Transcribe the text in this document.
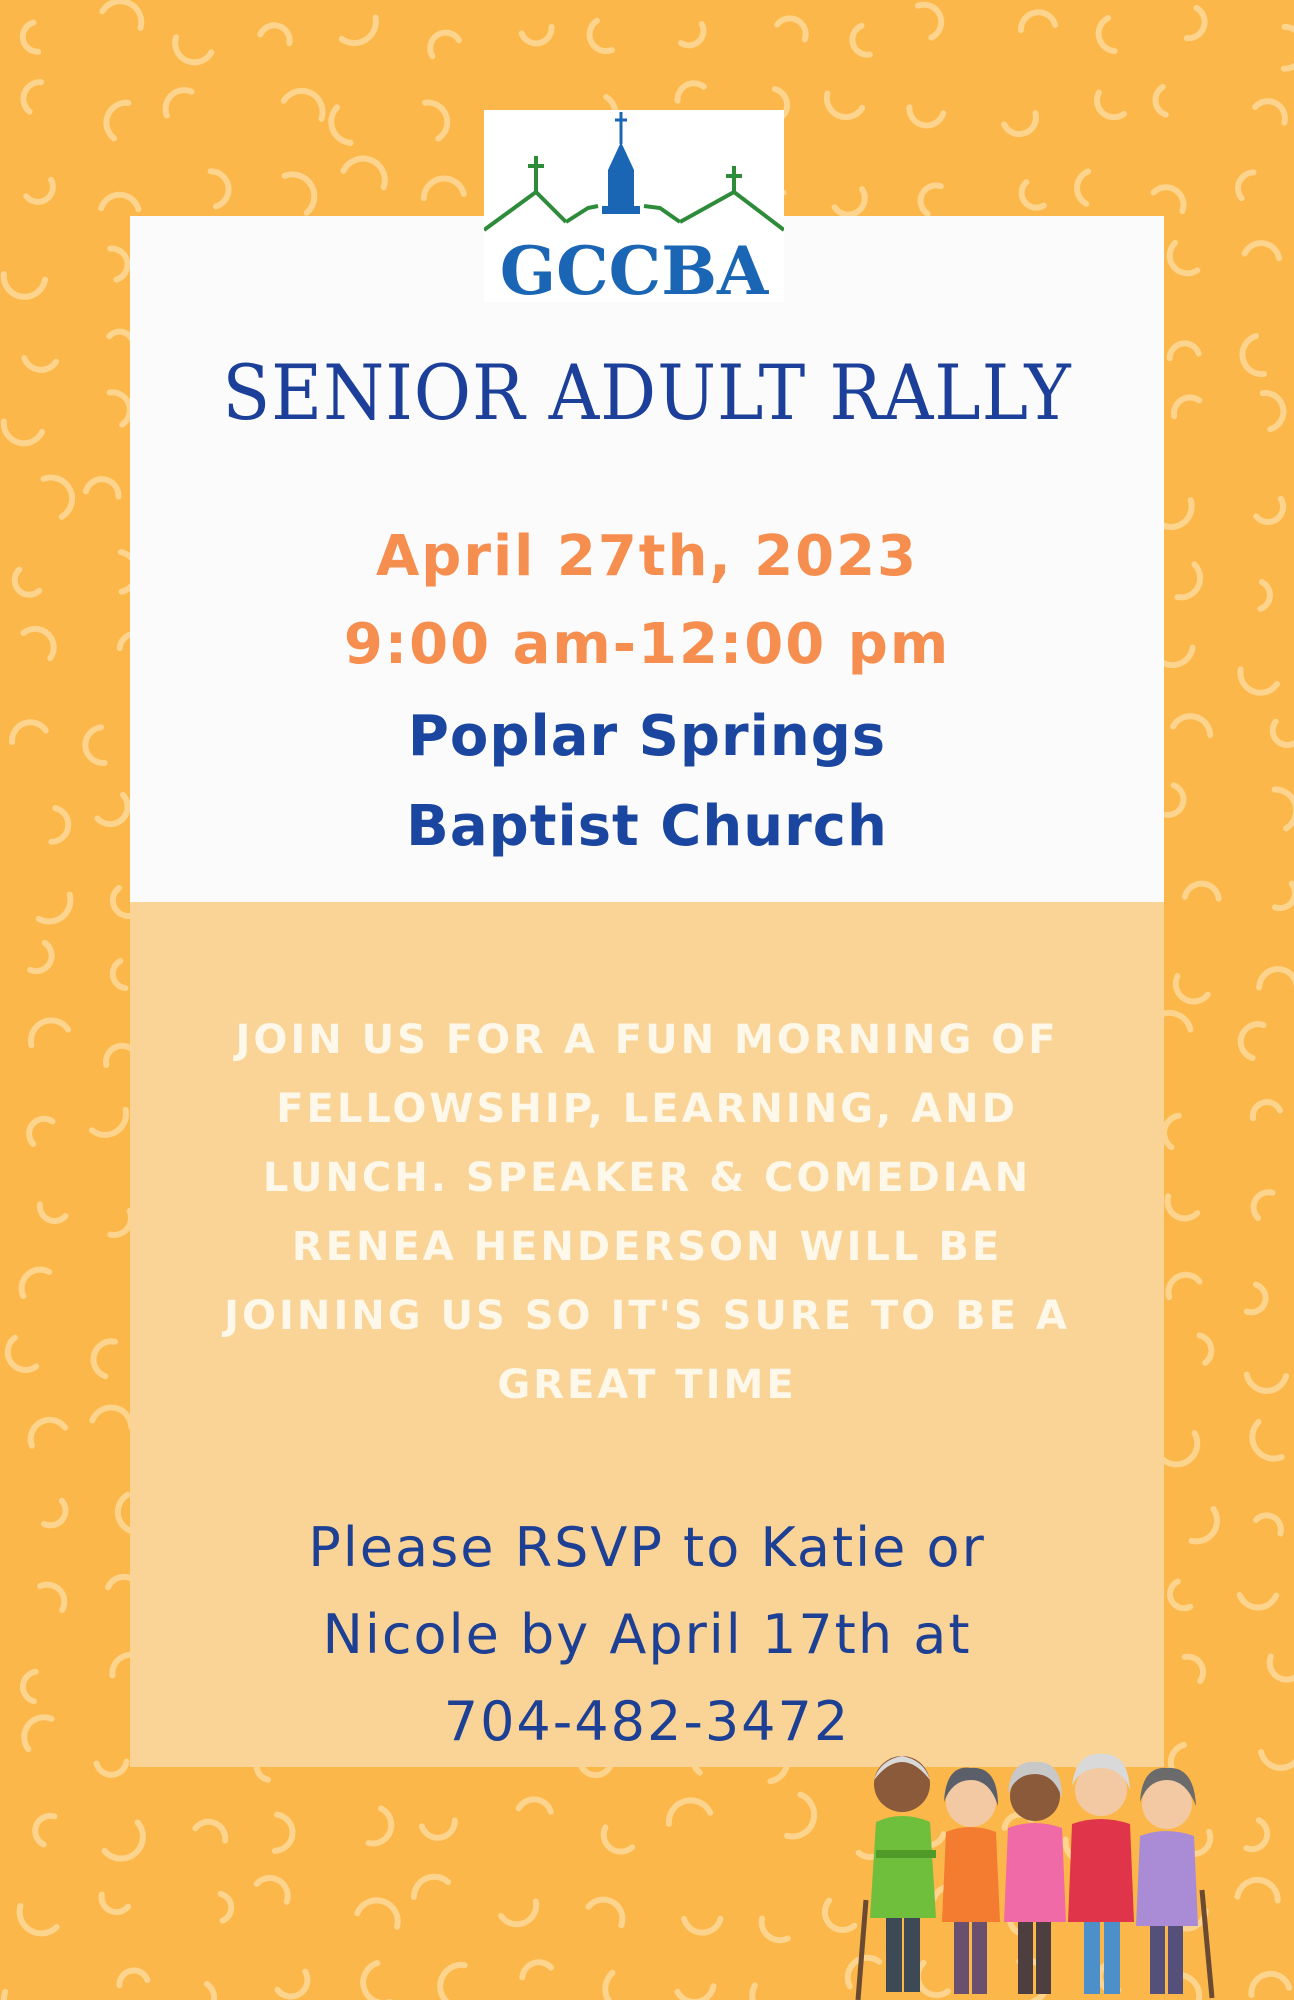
GCCBA
SENIOR ADULT RALLY

April 27th, 2023

9:00 am-12:00 pm

Poplar Springs

Baptist Church

JOIN US FOR A FUN MORNING OF FELLOWSHIP, LEARNING, AND LUNCH. SPEAKER & COMEDIAN RENEA HENDERSON WILL BE JOINING US SO IT'S SURE TO BE A GREAT TIME

Please RSVP to Katie or
Nicole by April 17th at
704-482-3472
